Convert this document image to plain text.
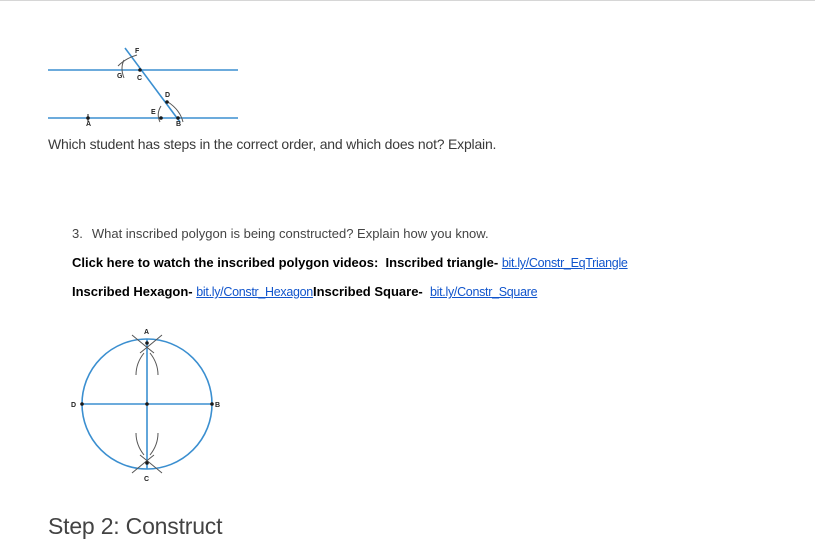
F
G C
D
E
A	B
Which student has steps in the correct order, and which does not? Explain.
3. What inscribed polygon is being constructed? Explain how you know.
Click here to watch the inscribed polygon videos: Inscribed triangle- bit.ly/Constr_EqTriangle
Inscribed Hexagon- bit.ly/Constr_HexagonInscribed Square- bit.ly/Constr_Square
A
B
C
D
Step 2: Construct
